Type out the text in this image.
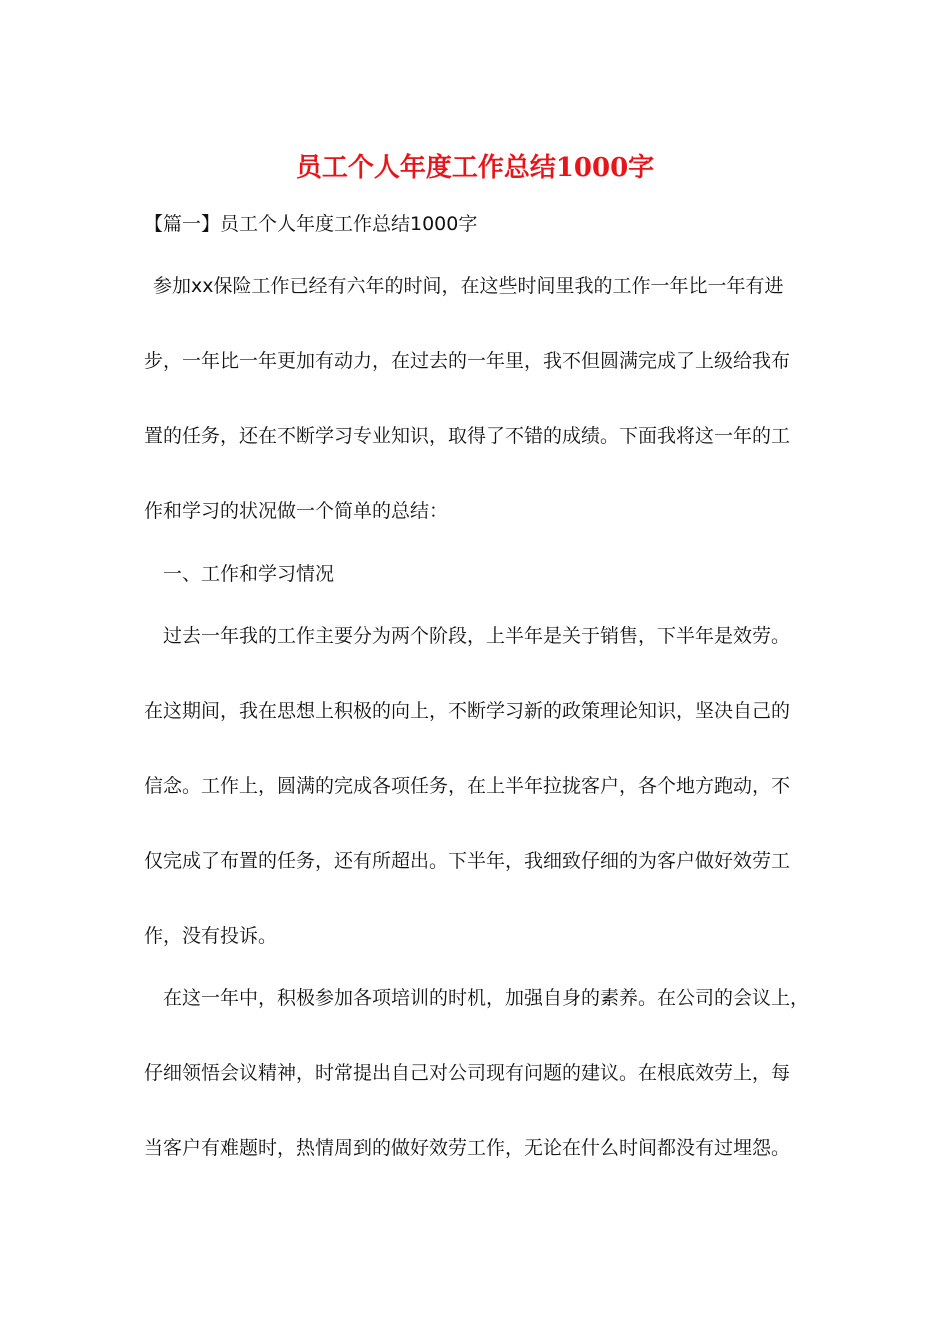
员工个人年度工作总结1000字
【篇一】员工个人年度工作总结1000字
参加xx保险工作已经有六年的时间，在这些时间里我的工作一年比一年有进
步，一年比一年更加有动力，在过去的一年里，我不但圆满完成了上级给我布
置的任务，还在不断学习专业知识，取得了不错的成绩。下面我将这一年的工
作和学习的状况做一个简单的总结：
一、工作和学习情况
过去一年我的工作主要分为两个阶段，上半年是关于销售，下半年是效劳。
在这期间，我在思想上积极的向上，不断学习新的政策理论知识，坚决自己的
信念。工作上，圆满的完成各项任务，在上半年拉拢客户，各个地方跑动，不
仅完成了布置的任务，还有所超出。下半年，我细致仔细的为客户做好效劳工
作，没有投诉。
在这一年中，积极参加各项培训的时机，加强自身的素养。在公司的会议上，
仔细领悟会议精神，时常提出自己对公司现有问题的建议。在根底效劳上，每
当客户有难题时，热情周到的做好效劳工作，无论在什么时间都没有过埋怨。
